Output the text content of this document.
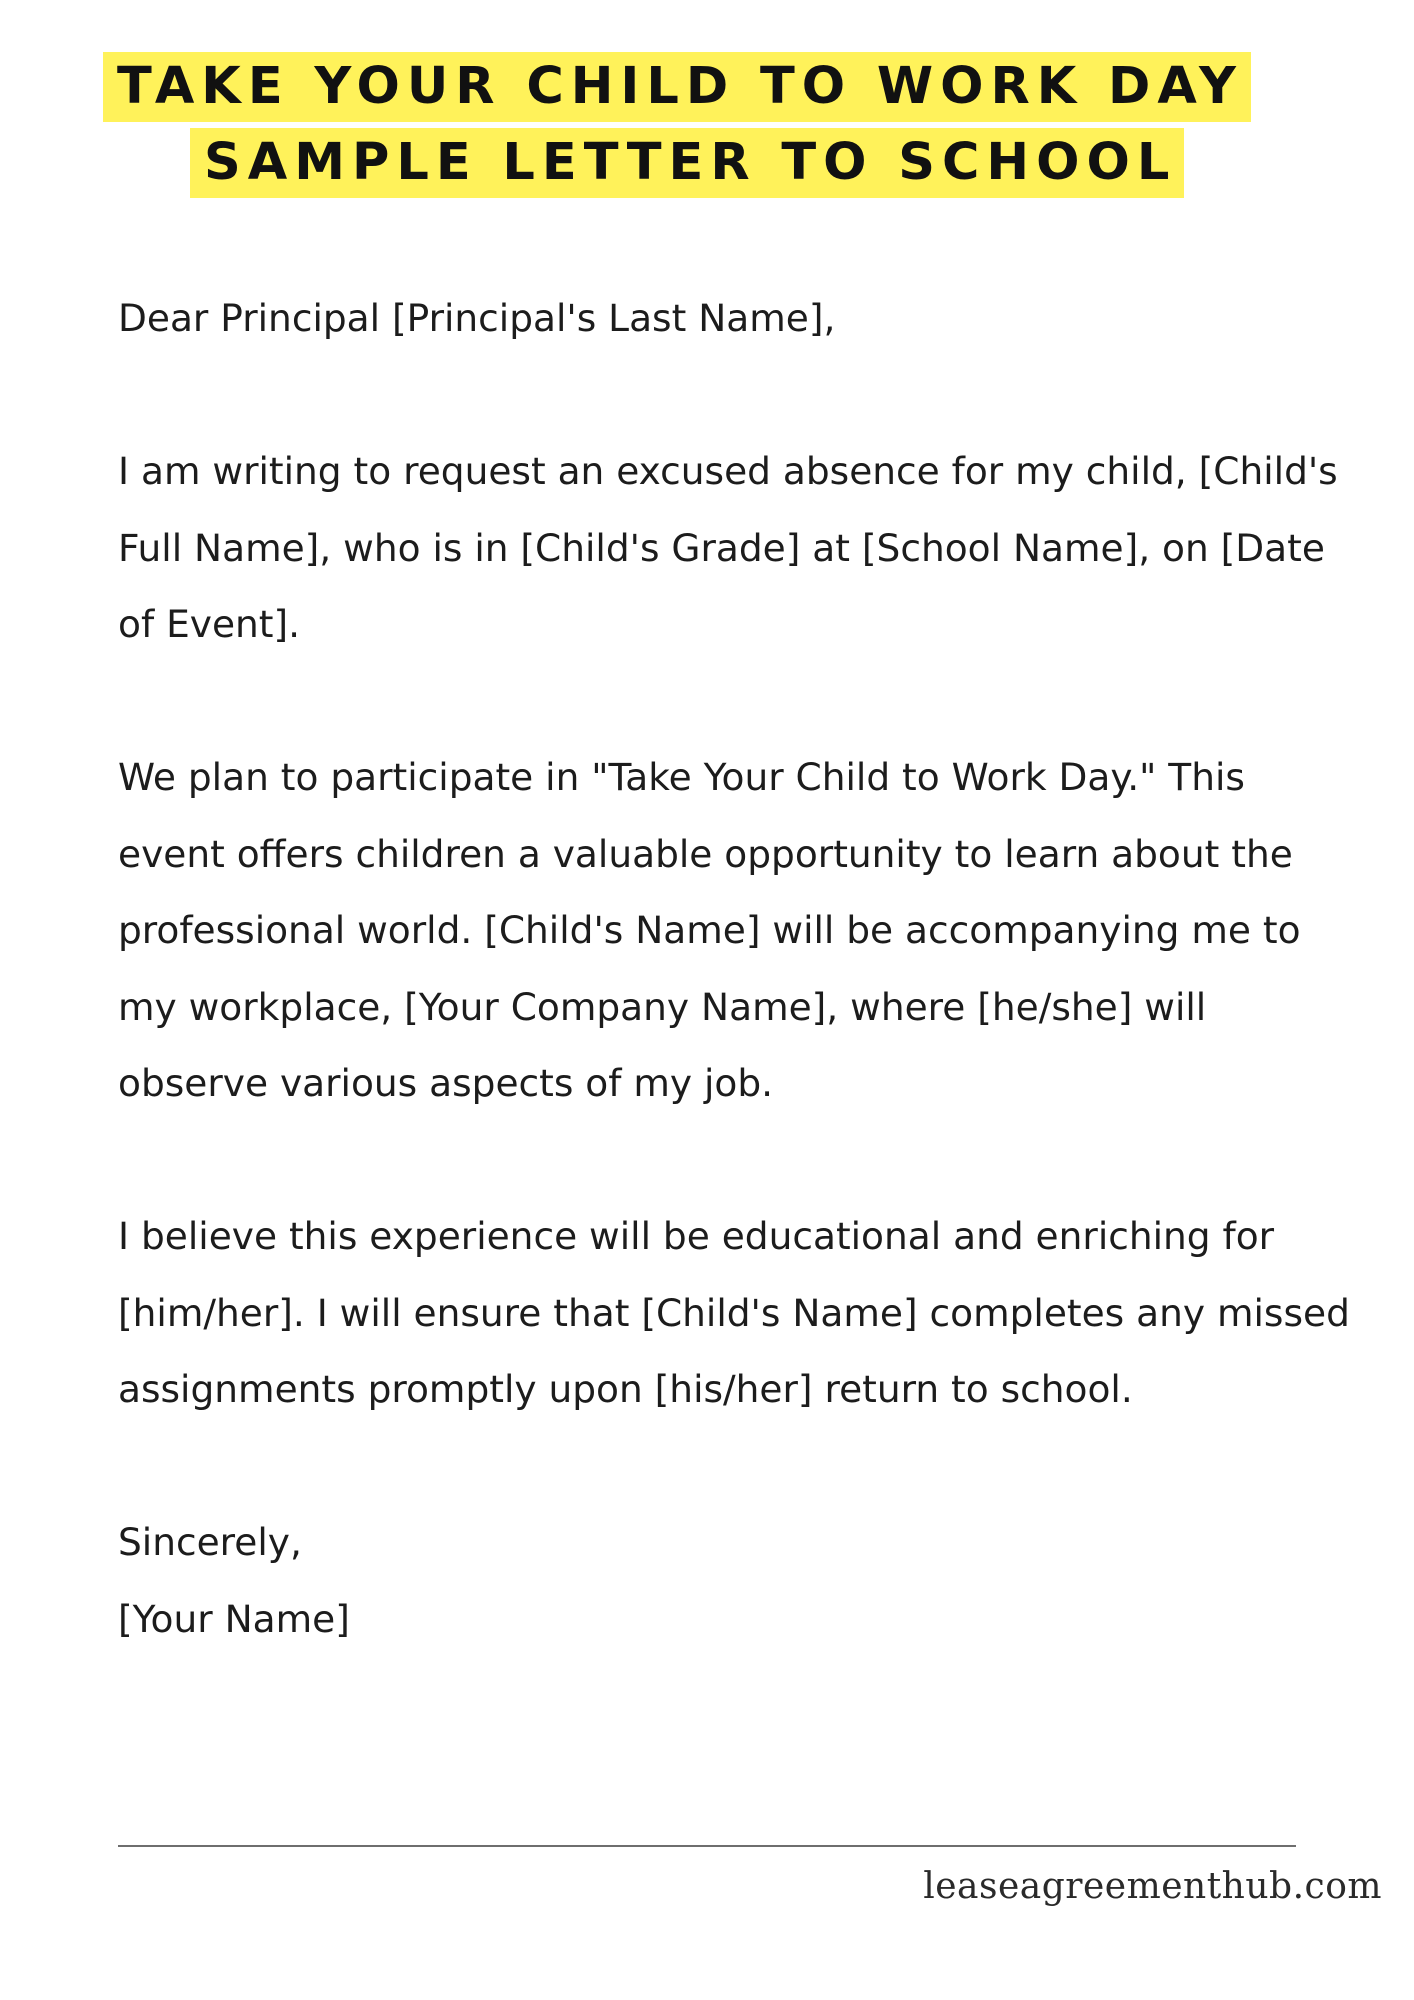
TAKE YOUR CHILD TO WORK DAY
SAMPLE LETTER TO SCHOOL

Dear Principal [Principal's Last Name],

I am writing to request an excused absence for my child, [Child's Full Name], who is in [Child's Grade] at [School Name], on [Date of Event].

We plan to participate in "Take Your Child to Work Day." This event offers children a valuable opportunity to learn about the professional world. [Child's Name] will be accompanying me to my workplace, [Your Company Name], where [he/she] will observe various aspects of my job.

I believe this experience will be educational and enriching for [him/her]. I will ensure that [Child's Name] completes any missed assignments promptly upon [his/her] return to school.

Sincerely,

[Your Name]

leaseagreementhub.com
